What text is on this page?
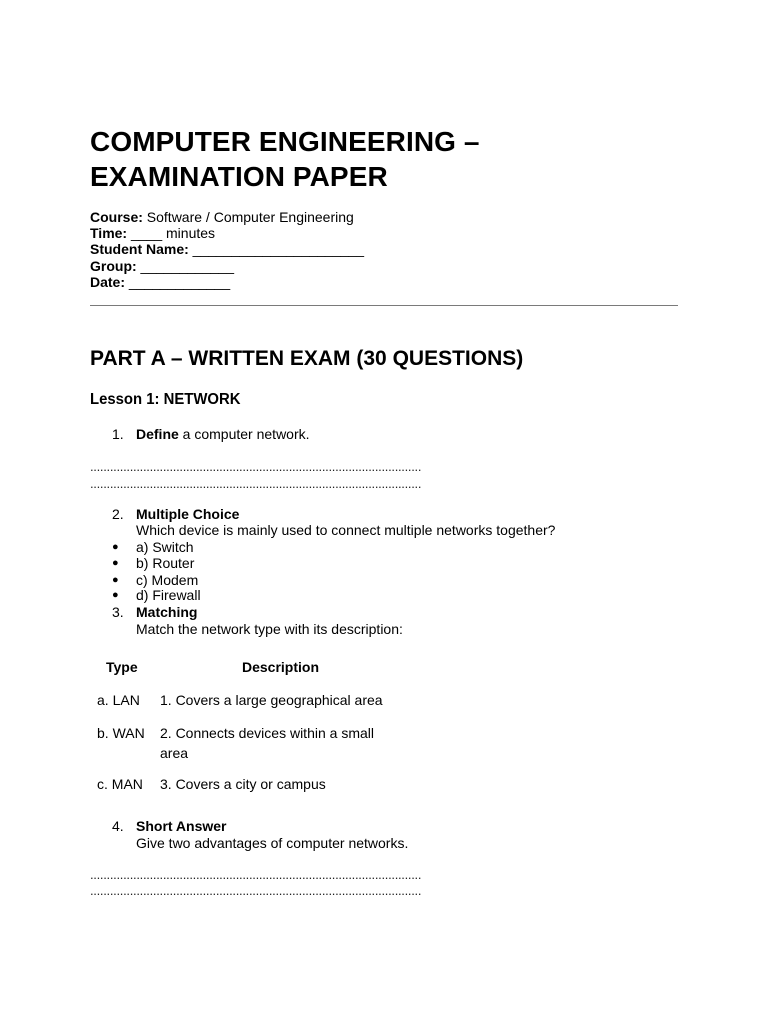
COMPUTER ENGINEERING –
EXAMINATION PAPER
Course: Software / Computer Engineering
Time: ____ minutes
Student Name: ______________________
Group: ____________
Date: _____________
PART A – WRITTEN EXAM (30 QUESTIONS)
Lesson 1: NETWORK
1. Define a computer network.
....................................................................................................
....................................................................................................
2. Multiple Choice
Which device is mainly used to connect multiple networks together?
● a) Switch
● b) Router
● c) Modem
● d) Firewall
3. Matching
Match the network type with its description:
Type	Description
a. LAN 1. Covers a large geographical area
b. WAN 2. Connects devices within a small
area
c. MAN 3. Covers a city or campus
4. Short Answer
Give two advantages of computer networks.
....................................................................................................
....................................................................................................
